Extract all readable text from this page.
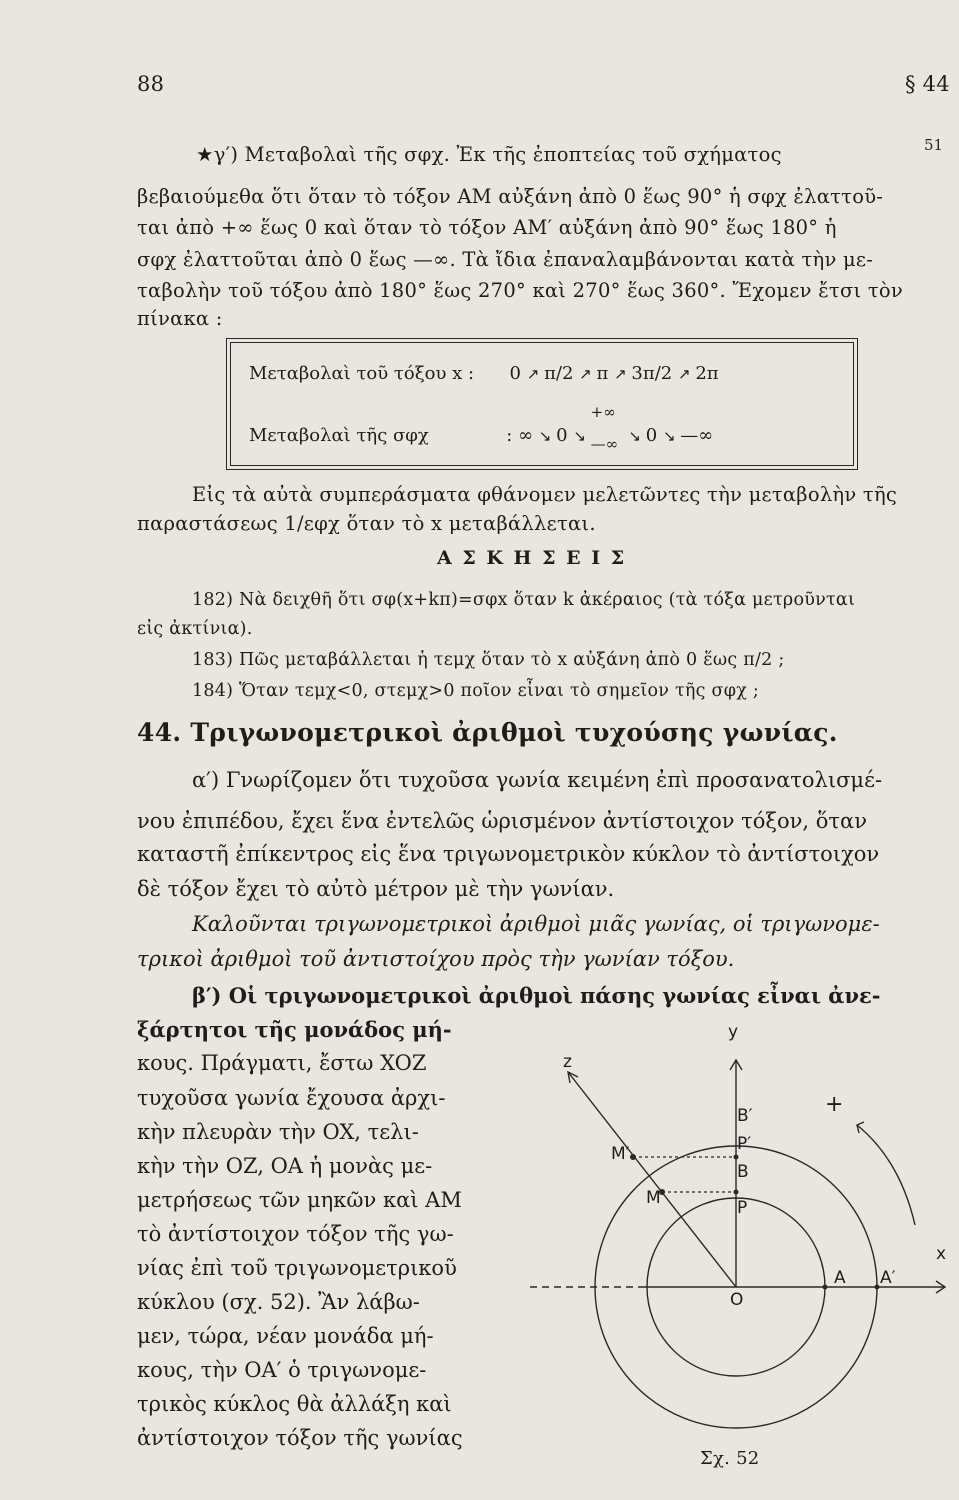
88	§ 44
★γ′) Μεταβολαὶ τῆς σφχ. Ἐκ τῆς ἐποπτείας τοῦ σχήματος
βεβαιούμεθα ὅτι ὅταν τὸ τόξον AM αὐξάνη ἀπὸ 0 ἕως 90° ἡ σφχ ἐλαττοῦ-
ται ἀπὸ +∞ ἕως 0 καὶ ὅταν τὸ τόξον AM′ αὐξάνη ἀπὸ 90° ἕως 180° ἡ
σφχ ἐλαττοῦται ἀπὸ 0 ἕως —∞. Τὰ ἴδια ἐπαναλαμβάνονται κατὰ τὴν με-
ταβολὴν τοῦ τόξου ἀπὸ 180° ἕως 270° καὶ 270° ἕως 360°. Ἔχομεν ἔτσι τὸν
πίνακα :
51
Μεταβολαὶ τοῦ τόξου x : 0 ↗ π/2 ↗ π ↗ 3π/2 ↗ 2π
Μεταβολαὶ τῆς σφχ	: ∞ ↘ 0 ↘
+∞
—∞ ↘ 0 ↘ —∞
Εἰς τὰ αὐτὰ συμπεράσματα φθάνομεν μελετῶντες τὴν μεταβολὴν τῆς
παραστάσεως 1/εφχ ὅταν τὸ x μεταβάλλεται.
Α Σ Κ Η Σ Ε Ι Σ
182) Νὰ δειχθῆ ὅτι σφ(x+kπ)=σφx ὅταν k ἀκέραιος (τὰ τόξα μετροῦνται
εἰς ἀκτίνια).
183) Πῶς μεταβάλλεται ἡ τεμχ ὅταν τὸ x αὐξάνη ἀπὸ 0 ἕως π/2 ;
184) Ὅταν τεμχ<0, στεμχ>0 ποῖον εἶναι τὸ σημεῖον τῆς σφχ ;
44. Τριγωνομετρικοὶ ἀριθμοὶ τυχούσης γωνίας.
α′) Γνωρίζομεν ὅτι τυχοῦσα γωνία κειμένη ἐπὶ προσανατολισμέ-
νου ἐπιπέδου, ἔχει ἕνα ἐντελῶς ὡρισμένον ἀντίστοιχον τόξον, ὅταν
καταστῆ ἐπίκεντρος εἰς ἕνα τριγωνομετρικὸν κύκλον τὸ ἀντίστοιχον
δὲ τόξον ἔχει τὸ αὐτὸ μέτρον μὲ τὴν γωνίαν.
Καλοῦνται τριγωνομετρικοὶ ἀριθμοὶ μιᾶς γωνίας, οἱ τριγωνομε-
τρικοὶ ἀριθμοὶ τοῦ ἀντιστοίχου πρὸς τὴν γωνίαν τόξου.
β′) Οἱ τριγωνομετρικοὶ ἀριθμοὶ πάσης γωνίας εἶναι ἀνε-
ξάρτητοι τῆς μονάδος μή-
κους. Πράγματι, ἔστω XOZ
τυχοῦσα γωνία ἔχουσα ἀρχι-
κὴν πλευρὰν τὴν OX, τελι-
κὴν τὴν OZ, OA ἡ μονὰς με-
μετρήσεως τῶν μηκῶν καὶ AM
τὸ ἀντίστοιχον τόξον τῆς γω-
νίας ἐπὶ τοῦ τριγωνομετρικοῦ
κύκλου (σχ. 52). Ἂν λάβω-
μεν, τώρα, νέαν μονάδα μή-
κους, τὴν OA′ ὁ τριγωνομε-
τρικὸς κύκλος θὰ ἀλλάξη καὶ
ἀντίστοιχον τόξον τῆς γωνίας
y
z
x
+
O
A A′
M
M′
B′
P′
B
P
Σχ. 52
